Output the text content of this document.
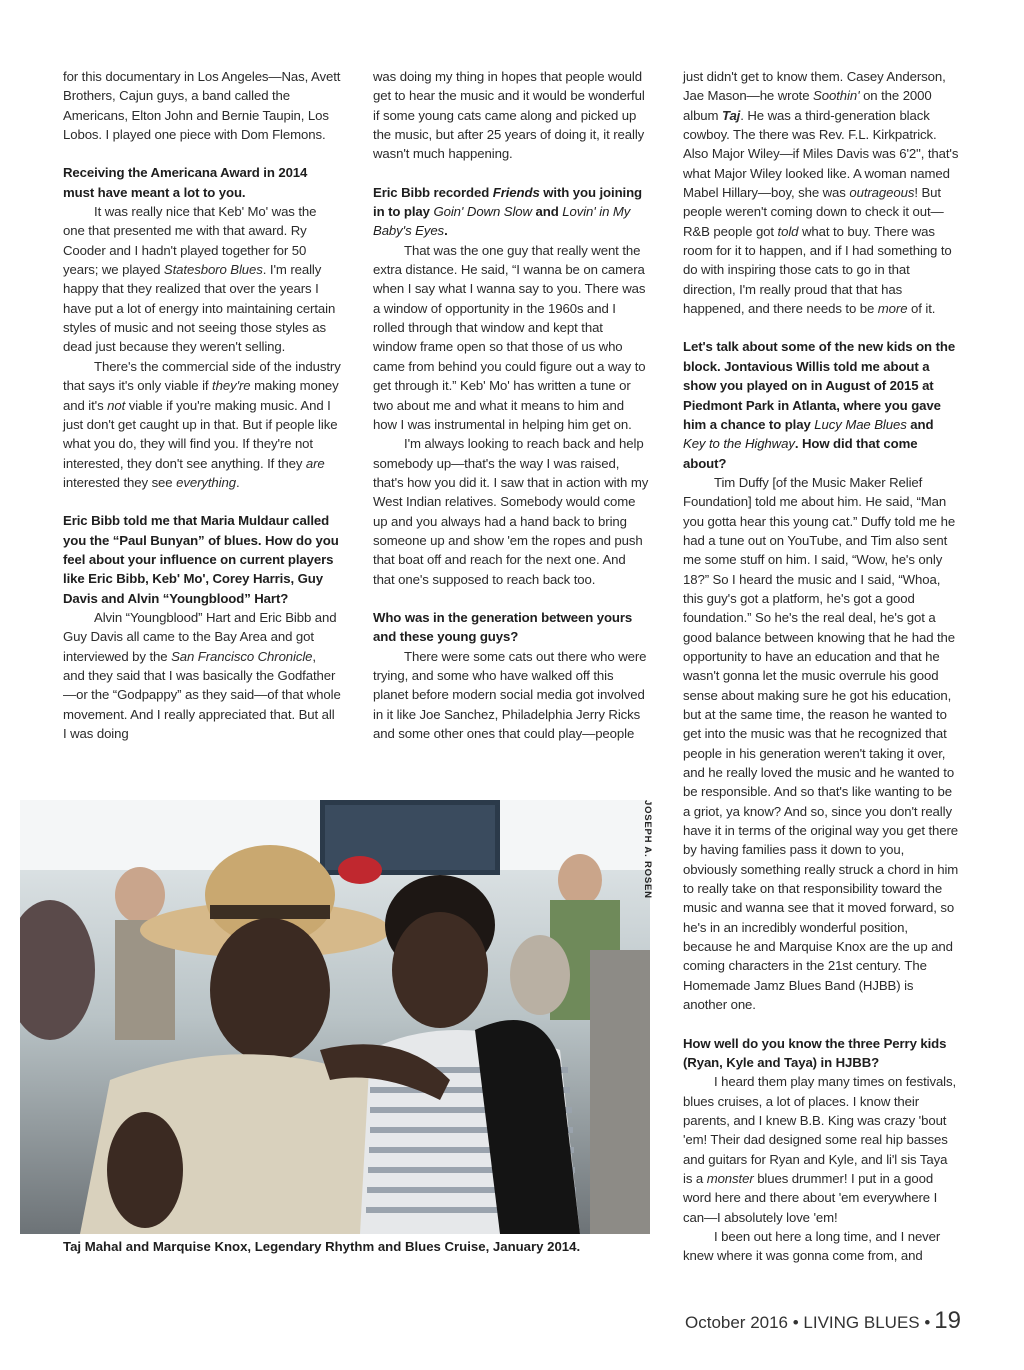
for this documentary in Los Angeles—Nas, Avett Brothers, Cajun guys, a band called the Americans, Elton John and Bernie Taupin, Los Lobos. I played one piece with Dom Flemons.

Receiving the Americana Award in 2014 must have meant a lot to you.

It was really nice that Keb' Mo' was the one that presented me with that award. Ry Cooder and I hadn't played together for 50 years; we played Statesboro Blues. I'm really happy that they realized that over the years I have put a lot of energy into maintaining certain styles of music and not seeing those styles as dead just because they weren't selling.

There's the commercial side of the industry that says it's only viable if they're making money and it's not viable if you're making music. And I just don't get caught up in that. But if people like what you do, they will find you. If they're not interested, they don't see anything. If they are interested they see everything.

Eric Bibb told me that Maria Muldaur called you the “Paul Bunyan” of blues. How do you feel about your influence on current players like Eric Bibb, Keb' Mo', Corey Harris, Guy Davis and Alvin “Youngblood” Hart?

Alvin “Youngblood” Hart and Eric Bibb and Guy Davis all came to the Bay Area and got interviewed by the San Francisco Chronicle, and they said that I was basically the Godfather—or the “Godpappy” as they said—of that whole movement. And I really appreciated that. But all I was doing

was doing my thing in hopes that people would get to hear the music and it would be wonderful if some young cats came along and picked up the music, but after 25 years of doing it, it really wasn't much happening.

Eric Bibb recorded Friends with you joining in to play Goin' Down Slow and Lovin' in My Baby's Eyes.

That was the one guy that really went the extra distance. He said, “I wanna be on camera when I say what I wanna say to you. There was a window of opportunity in the 1960s and I rolled through that window and kept that window frame open so that those of us who came from behind you could figure out a way to get through it.” Keb' Mo' has written a tune or two about me and what it means to him and how I was instrumental in helping him get on.

I'm always looking to reach back and help somebody up—that's the way I was raised, that's how you did it. I saw that in action with my West Indian relatives. Somebody would come up and you always had a hand back to bring someone up and show 'em the ropes and push that boat off and reach for the next one. And that one's supposed to reach back too.

Who was in the generation between yours and these young guys?

There were some cats out there who were trying, and some who have walked off this planet before modern social media got involved in it like Joe Sanchez, Philadelphia Jerry Ricks and some other ones that could play—people

just didn't get to know them. Casey Anderson, Jae Mason—he wrote Soothin' on the 2000 album Taj. He was a third-generation black cowboy. The there was Rev. F.L. Kirkpatrick. Also Major Wiley—if Miles Davis was 6'2", that's what Major Wiley looked like. A woman named Mabel Hillary—boy, she was outrageous! But people weren't coming down to check it out—R&B people got told what to buy. There was room for it to happen, and if I had something to do with inspiring those cats to go in that direction, I'm really proud that that has happened, and there needs to be more of it.

Let's talk about some of the new kids on the block. Jontavious Willis told me about a show you played on in August of 2015 at Piedmont Park in Atlanta, where you gave him a chance to play Lucy Mae Blues and Key to the Highway. How did that come about?

Tim Duffy [of the Music Maker Relief Foundation] told me about him. He said, “Man you gotta hear this young cat.” Duffy told me he had a tune out on YouTube, and Tim also sent me some stuff on him. I said, “Wow, he's only 18?” So I heard the music and I said, “Whoa, this guy's got a platform, he's got a good foundation.” So he's the real deal, he's got a good balance between knowing that he had the opportunity to have an education and that he wasn't gonna let the music overrule his good sense about making sure he got his education, but at the same time, the reason he wanted to get into the music was that he recognized that people in his generation weren't taking it over, and he really loved the music and he wanted to be responsible. And so that's like wanting to be a griot, ya know? And so, since you don't really have it in terms of the original way you get there by having families pass it down to you, obviously something really struck a chord in him to really take on that responsibility toward the music and wanna see that it moved forward, so he's in an incredibly wonderful position, because he and Marquise Knox are the up and coming characters in the 21st century. The Homemade Jamz Blues Band (HJBB) is another one.

How well do you know the three Perry kids (Ryan, Kyle and Taya) in HJBB?

I heard them play many times on festivals, blues cruises, a lot of places. I know their parents, and I knew B.B. King was crazy 'bout 'em! Their dad designed some real hip basses and guitars for Ryan and Kyle, and li'l sis Taya is a monster blues drummer! I put in a good word here and there about 'em everywhere I can—I absolutely love 'em!

I been out here a long time, and I never knew where it was gonna come from, and

JOSEPH A. ROSEN
Taj Mahal and Marquise Knox, Legendary Rhythm and Blues Cruise, January 2014.
October 2016 • LIVING BLUES • 19
